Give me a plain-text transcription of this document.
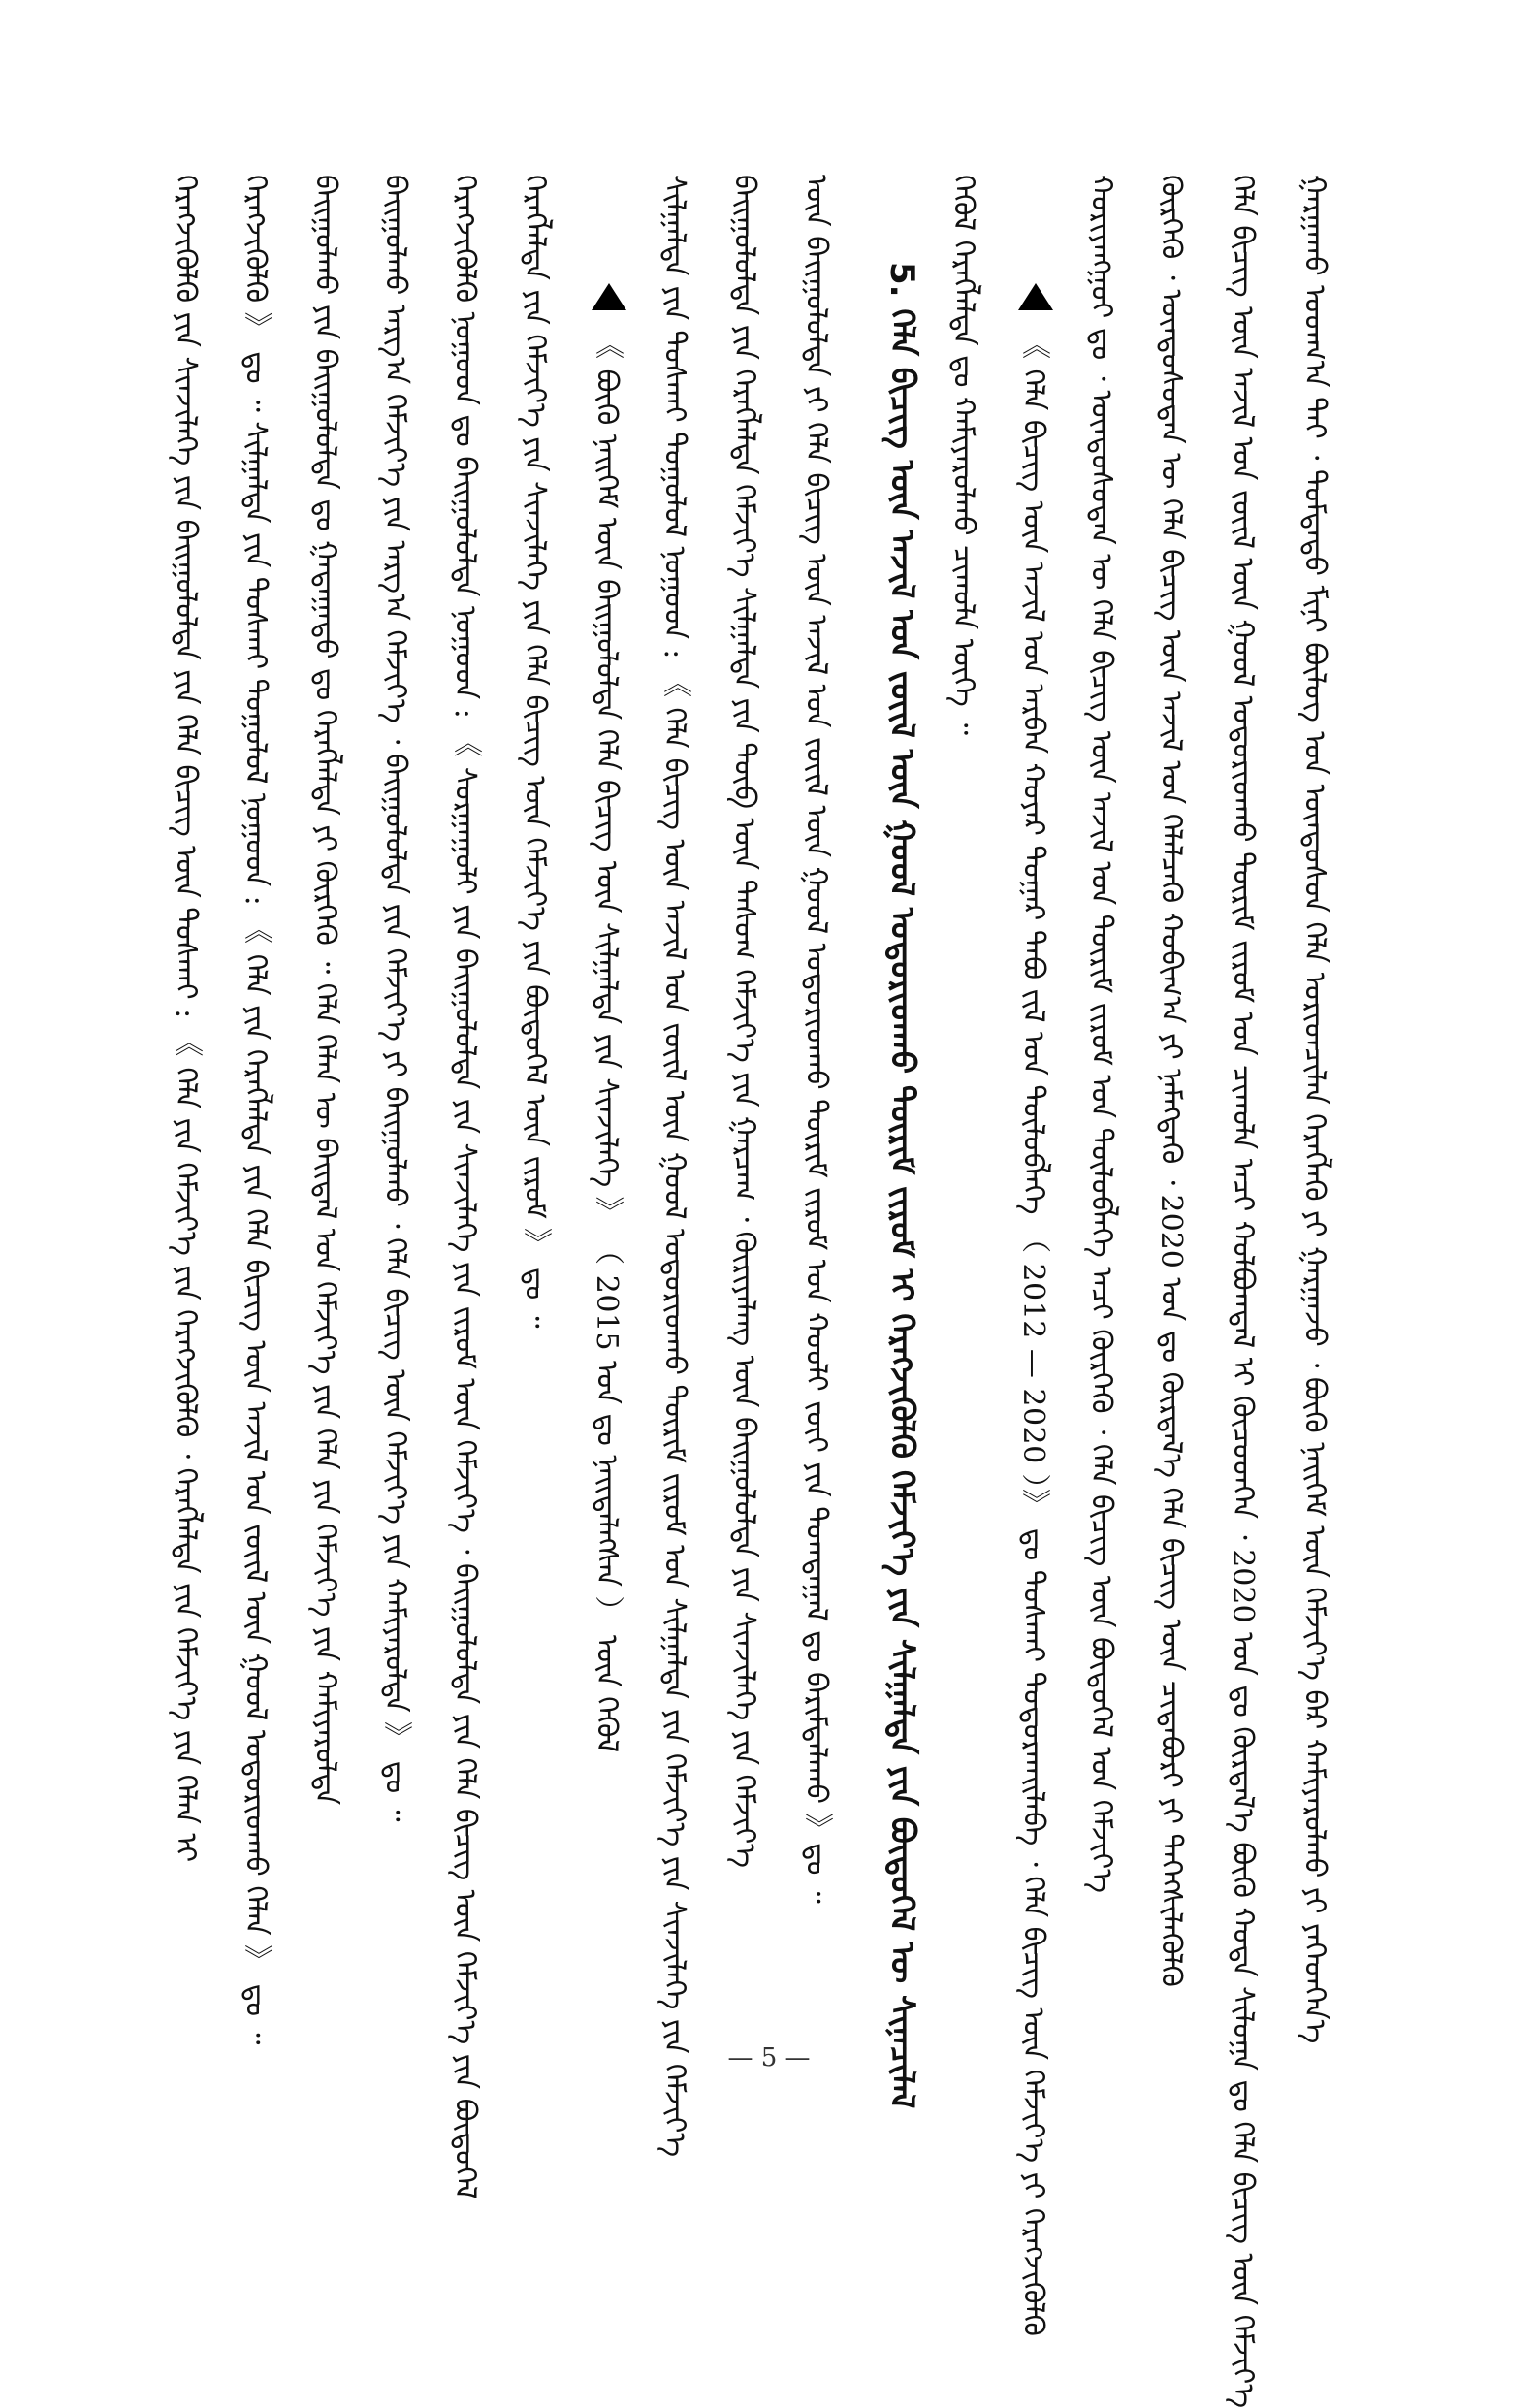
ᠭᠠᠷᠭᠠᠬᠤ ᠤᠳᠬ᠎ᠠ ᠲᠠᠢ ᠂ ᠳᠤᠮᠳᠠᠳᠤ ᠮᠢᠨᠢ ᠪᠦᠯᠦᠭ ᠤᠨ ᠦᠨᠳᠦᠰᠦᠨ ᠬᠡᠯᠡ ᠤᠷᠢᠳᠴᠢᠯᠠᠨ ᠬᠡᠷᠡᠭᠯᠡᠬᠦ ᠶᠢ ᠭᠠᠷᠭᠠᠵᠤ ᠂ ᠪᠦᠬᠦ ᠨᠡᠢᠭᠡᠮ ᠦᠨ ᠬᠡᠮᠵᠢᠶ᠎ᠡ ᠪᠡᠷ ᠬᠠᠮᠢᠶᠠᠷᠤᠯᠬᠤ ᠶᠢ ᠶᠡᠬᠡᠳᠬᠡᠨ᠎ᠡ
ᠬᠡᠯᠡ ᠪᠢᠴᠢᠭ ᠦᠨ ᠠᠵᠢᠯ ᠤᠨ ᠵᠦᠢᠯ ᠦᠨ ᠭᠤᠤᠯ ᠤᠳᠤᠷᠢᠳᠬᠤ ᠳᠦᠷᠢᠮ ᠵᠢᠷᠤᠮ ᠤᠨ ᠴᠢᠬᠤᠯᠠ ᠠᠴᠢ ᠬᠤᠯᠪᠤᠭᠳᠠᠯ ᠢ ᠬᠦᠴᠦᠳᠬᠡᠨ ᠂ 2020 ᠣᠨ ᠳᠤ ᠬᠦᠷᠲᠡᠯ᠎ᠡ ᠪᠦᠬᠦ ᠬᠤᠲᠠ ᠰᠢᠯᠤᠭᠠ ᠳᠤ ᠬᠡᠯᠡ ᠪᠢᠴᠢᠭ ᠦᠨ ᠬᠡᠮᠵᠢᠶ᠎ᠡ
ᠬᠦᠷᠭᠡᠬᠦ ᠂ ᠦᠨᠳᠦᠰᠦᠲᠡᠨ ᠦ ᠬᠡᠯᠡ ᠪᠢᠴᠢᠭ ᠦᠨ ᠠᠵᠢᠯ ᠤᠨ ᠬᠡᠯᠡᠯᠴᠡᠬᠦ ᠬᠤᠪᠢᠭ᠎ᠠ ᠶᠢ ᠨᠡᠮᠡᠭᠳᠡᠬᠦ ᠂ 2020 ᠣᠨ ᠳᠤ ᠬᠦᠷᠲᠡᠯ᠎ᠡ ᠬᠡᠯᠡ ᠪᠢᠴᠢᠭ ᠦᠨ ᠴᠢᠳᠠᠪᠤᠷᠢ ᠶᠢ ᠳᠡᠭᠡᠭᠰᠢᠯᠡᠭᠦᠯᠬᠦ
ᠬᠤᠷᠢᠶᠠᠩᠭᠤᠢ ᠳᠤ ᠂ ᠦᠨᠳᠦᠰᠦᠲᠡᠨ ᠦ ᠬᠡᠯᠡ ᠪᠢᠴᠢᠭ ᠦᠨ ᠠᠵᠢᠯ ᠤᠨ ᠳᠦᠷᠢᠮ ᠵᠢᠷᠤᠮ ᠤᠨ ᠲᠥᠯᠥᠪᠯᠡᠭᠡ ᠠᠴᠢ ᠬᠦᠷᠭᠡᠬᠦ ᠂ ᠬᠡᠯᠡ ᠪᠢᠴᠢᠭ ᠦᠨ ᠪᠦᠲᠦᠭᠡᠯ ᠤᠨ ᠬᠡᠮᠵᠢᠶ᠎ᠡ
《 ᠬᠡᠯᠡ ᠪᠢᠴᠢᠭ ᠦᠨ ᠠᠵᠢᠯ ᠤᠨ ᠠᠷᠪᠠᠨ ᠬᠣᠶᠠᠷ ᠳᠤᠭᠠᠷ ᠲᠠᠪᠤ ᠵᠢᠯ ᠤᠨ ᠲᠥᠯᠥᠪᠯᠡᠭᠡ （ 2012 — 2020 ）》 ᠳᠤ ᠲᠤᠰᠬᠠᠢ ᠲᠣᠳᠤᠷᠬᠠᠢᠯᠠᠪᠠ ᠂ ᠬᠡᠯᠡ ᠪᠢᠴᠢᠭ ᠦᠨ ᠬᠡᠮᠵᠢᠶ᠎ᠡ ᠶᠢ ᠬᠡᠷᠡᠭᠵᠢᠭᠦᠯᠬᠦ
ᠬᠡᠭᠦᠯ ᠬᠡᠷᠡᠭᠯᠡᠯᠲᠡ ᠳᠤ ᠬᠠᠮᠢᠶᠠᠷᠤᠯᠬᠤ ᠴᠢᠬᠤᠯᠠ ᠦᠭᠡ ᠃
5. ᠬᠡᠯᠡ ᠪᠢᠴᠢᠭ ᠦᠨ ᠠᠵᠢᠯ ᠤᠨ ᠵᠦᠢᠯ ᠦᠨ ᠭᠤᠤᠯ ᠤᠳᠤᠷᠢᠳᠬᠤ ᠳᠦᠷᠢᠮ ᠵᠢᠷᠤᠮ ᠢ ᠬᠡᠷᠡᠭᠵᠢᠭᠦᠯᠬᠦ ᠬᠡᠮᠵᠢᠶ᠎ᠡ ᠶᠢᠨ ᠰᠢᠯᠭᠠᠯᠲᠠ ᠶᠢᠨ ᠪᠦᠲᠦᠭᠡᠯ ᠦ ᠰᠢᠨᠡᠴᠢᠯᠡᠯ
ᠦᠨ ᠪᠠᠢᠭᠤᠯᠤᠯᠲᠠ ᠶᠢ ᠬᠡᠯᠡ ᠪᠢᠴᠢᠭ ᠦᠨ ᠠᠵᠢᠯ ᠤᠨ ᠵᠦᠢᠯ ᠦᠨ ᠭᠤᠤᠯ ᠤᠳᠤᠷᠢᠳᠬᠤ ᠳᠦᠷᠢᠮ ᠵᠢᠷᠤᠮ ᠤᠨ ᠬᠤᠤᠯᠢ ᠵᠦᠢ ᠶᠢᠨ ᠲᠣᠭᠲᠠᠭᠠᠯ ᠳᠤ ᠪᠠᠷᠢᠮᠲᠠᠯᠠᠬᠤ 》ᠳᠤ ᠃
ᠪᠠᠢᠭᠤᠯᠤᠯᠲᠠ ᠶᠢᠨ ᠬᠡᠷᠡᠭᠯᠡᠯᠲᠡ ᠬᠡᠮᠵᠢᠶ᠎ᠡ ᠰᠢᠯᠭᠠᠯᠲᠠ ᠶᠢᠨ ᠲᠥᠪ ᠦᠨ ᠲᠠᠰᠤᠭ ᠬᠡᠮᠵᠢᠶ᠎ᠡ ᠶᠢᠨ ᠭᠠᠷᠴᠠᠭ ᠂ ᠬᠦᠷᠢᠶᠡᠯᠡᠩ ᠦᠨ ᠪᠠᠢᠭᠤᠯᠤᠯᠲᠠ ᠶᠢᠨ ᠰᠢᠨᠵᠢᠯᠡᠭᠡ ᠶᠢᠨ ᠬᠡᠮᠵᠢᠶ᠎ᠡ
ᠰᠢᠯᠭᠠᠯᠲᠠ ᠶᠢᠨ ᠲᠤᠰᠬᠠᠢ ᠲᠤᠭᠤᠯᠤᠯ ᠨᠤᠭᠤᠳ : 《 ᠬᠡᠯᠡ ᠪᠢᠴᠢᠭ ᠦᠨ ᠠᠵᠢᠯ ᠤᠨ ᠵᠦᠢᠯ ᠦᠨ ᠭᠤᠤᠯ ᠤᠳᠤᠷᠢᠳᠬᠤ ᠳᠦᠷᠢᠮ ᠵᠢᠷᠤᠮ ᠤᠨ ᠰᠢᠯᠭᠠᠯᠲᠠ ᠶᠢᠨ ᠬᠡᠮᠵᠢᠶ᠎ᠡ ᠶᠢᠨ ᠰᠢᠨᠵᠢᠯᠡᠭᠡ ᠶᠢᠨ ᠬᠡᠮᠵᠢᠶ᠎ᠡ
《 ᠪᠦᠬᠦ ᠨᠡᠢᠭᠡᠮ ᠦᠨ ᠪᠠᠢᠭᠤᠯᠤᠯᠲᠠ ᠬᠡᠯᠡ ᠪᠢᠴᠢᠭ ᠦᠨ ᠰᠢᠯᠭᠠᠯᠲᠠ ᠶᠢᠨ ᠰᠢᠨᠵᠢᠯᠡᠭᠡ 》 （ 2015 ᠣᠨ ᠳᠤ ᠨᠡᠢᠲᠡᠯᠡᠭᠰᠡᠨ ） ᠦᠨ ᠬᠡᠭᠦᠯ
ᠬᠡᠷᠡᠭᠯᠡᠯᠲᠡ ᠶᠢᠨ ᠬᠡᠮᠵᠢᠶ᠎ᠡ ᠶᠢᠨ ᠰᠢᠨᠵᠢᠯᠡᠭᠡ ᠶᠢᠨ ᠬᠡᠯᠡ ᠪᠢᠴᠢᠭ ᠦᠨ ᠬᠡᠮᠵᠢᠶ᠎ᠡ ᠶᠢᠨ ᠪᠦᠲᠦᠭᠡᠯ ᠦᠨ ᠵᠢᠷᠤᠮ 》 ᠳᠤ ᠃
ᠬᠡᠷᠡᠭᠵᠢᠭᠦᠯᠬᠦ ᠨᠤᠭᠤᠳ ᠳᠤ ᠪᠠᠢᠭᠤᠯᠤᠯᠲᠠ ᠨᠤᠭᠤᠳ : 《 ᠰᠤᠷᠭᠠᠭᠤᠯᠢ ᠶᠢᠨ ᠪᠠᠢᠭᠤᠯᠤᠯᠲᠠ ᠶᠢᠨ ᠰᠢᠨᠵᠢᠯᠡᠭᠡ ᠶᠢᠨ ᠵᠢᠷᠤᠮ ᠦᠨ ᠬᠡᠮᠵᠢᠶ᠎ᠡ ᠂ ᠪᠠᠢᠭᠤᠯᠤᠯᠲᠠ ᠶᠢᠨ ᠬᠡᠯᠡ ᠪᠢᠴᠢᠭ ᠦᠨ ᠬᠡᠮᠵᠢᠶ᠎ᠡ ᠶᠢᠨ ᠪᠦᠲᠦᠭᠡᠯ
ᠪᠠᠢᠭᠤᠯᠬᠤ ᠠᠷᠭ᠎ᠠ ᠬᠡᠮᠵᠢᠶ᠎ᠡ ᠶᠢᠨ ᠠᠷᠭ᠎ᠠ ᠬᠡᠮᠵᠢᠶ᠎ᠡ ᠂ ᠪᠠᠢᠭᠤᠯᠤᠯᠲᠠ ᠶᠢᠨ ᠬᠡᠮᠵᠢᠶ᠎ᠡ ᠶᠢ ᠪᠠᠢᠭᠤᠯᠬᠤ ᠂ ᠬᠡᠯᠡ ᠪᠢᠴᠢᠭ ᠦᠨ ᠬᠡᠮᠵᠢᠶ᠎ᠡ ᠶᠢᠨ ᠬᠠᠮᠢᠶᠠᠷᠤᠯᠲᠠ 》 ᠳᠤ ᠃
ᠪᠠᠢᠭᠤᠯᠬᠤ ᠶᠢᠨ ᠪᠠᠢᠭᠤᠯᠤᠯᠲᠠ ᠳᠤ ᠭᠠᠳᠠᠭᠠᠳᠤ ᠳᠤ ᠬᠡᠷᠡᠭᠯᠡᠯᠲᠡ ᠶᠢ ᠬᠦᠷᠭᠡᠬᠦ ᠃ ᠬᠡᠯᠡ ᠬᠡᠯᠡᠨ ᠦ ᠪᠠᠢᠳᠠᠯ ᠤᠨ ᠬᠡᠮᠵᠢᠶ᠎ᠡ ᠶᠢᠨ ᠬᠡᠯᠡ ᠶᠢᠨ ᠬᠡᠮᠵᠢᠶ᠎ᠡ ᠶᠢᠨ ᠬᠠᠮᠢᠶᠠᠷᠤᠯᠲᠠ
ᠬᠡᠷᠡᠭᠵᠢᠭᠦᠯᠬᠦ 》 ᠳᠤ ᠃ ᠰᠢᠯᠭᠠᠯᠲᠠ ᠶᠢᠨ ᠲᠤᠰᠬᠠᠢ ᠲᠤᠭᠤᠯᠤᠯ ᠨᠤᠭᠤᠳ : 《 ᠬᠡᠯᠡ ᠶᠢᠨ ᠬᠡᠷᠡᠭᠯᠡᠯᠲᠡ ᠶᠢᠨ ᠬᠡᠯᠡ ᠪᠢᠴᠢᠭ ᠦᠨ ᠠᠵᠢᠯ ᠤᠨ ᠵᠦᠢᠯ ᠦᠨ ᠭᠤᠤᠯ ᠤᠳᠤᠷᠢᠳᠬᠤ ᠬᠡᠯᠡᠨ 》 ᠳᠤ ᠃
ᠬᠡᠷᠡᠭᠵᠢᠭᠦᠯᠬᠦ ᠶᠢᠨ ᠰᠢᠨᠵᠢᠯᠡᠭᠡ ᠶᠢᠨ ᠪᠠᠢᠭᠤᠯᠤᠯᠲᠠ ᠶᠢᠨ ᠬᠡᠯᠡ ᠪᠢᠴᠢᠭ ᠦᠨ ᠲᠤᠰᠬᠠᠢ : 《 ᠬᠡᠯᠡ ᠶᠢᠨ ᠬᠡᠮᠵᠢᠶ᠎ᠡ ᠶᠢᠨ ᠬᠡᠷᠡᠭᠵᠢᠭᠦᠯᠬᠦ ᠂ ᠬᠡᠷᠡᠭᠯᠡᠯᠲᠡ ᠶᠢᠨ ᠬᠡᠮᠵᠢᠶ᠎ᠡ ᠶᠢᠨ ᠬᠡᠯᠡᠨ ᠢ
— 5 —
